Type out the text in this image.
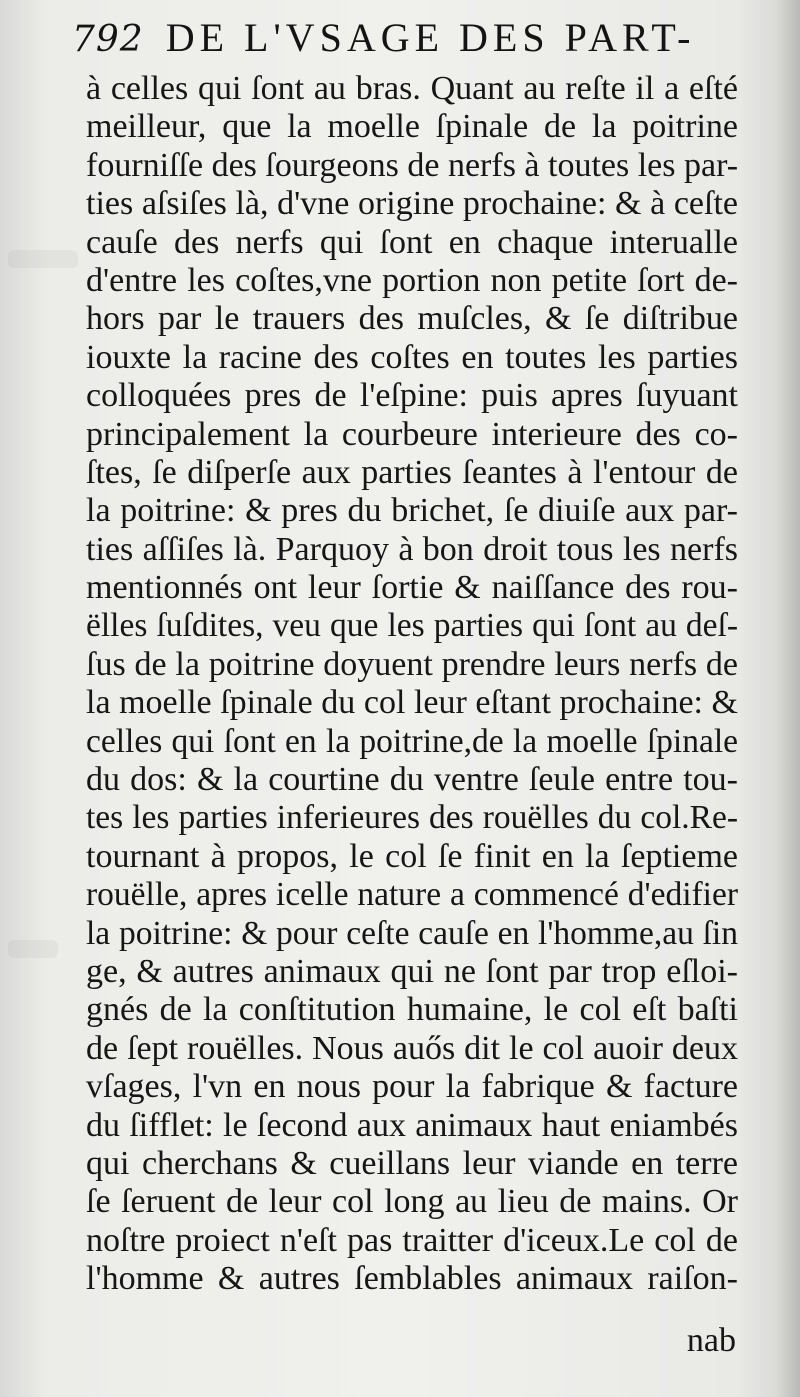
792 DE L'VSAGE DES PART-
à celles qui ſont au bras. Quant au reſte il a eſté
meilleur, que la moelle ſpinale de la poitrine
fourniſſe des ſourgeons de nerfs à toutes les par-
ties aſsiſes là, d'vne origine prochaine: & à ceſte
cauſe des nerfs qui ſont en chaque interualle
d'entre les coſtes,vne portion non petite ſort de-
hors par le trauers des muſcles, & ſe diſtribue
iouxte la racine des coſtes en toutes les parties
colloquées pres de l'eſpine: puis apres ſuyuant
principalement la courbeure interieure des co-
ſtes, ſe diſperſe aux parties ſeantes à l'entour de
la poitrine: & pres du brichet, ſe diuiſe aux par-
ties aſſiſes là. Parquoy à bon droit tous les nerfs
mentionnés ont leur ſortie & naiſſance des rou-
ëlles ſuſdites, veu que les parties qui ſont au deſ-
ſus de la poitrine doyuent prendre leurs nerfs de
la moelle ſpinale du col leur eſtant prochaine: &
celles qui ſont en la poitrine,de la moelle ſpinale
du dos: & la courtine du ventre ſeule entre tou-
tes les parties inferieures des rouëlles du col.Re-
tournant à propos, le col ſe finit en la ſeptieme
rouëlle, apres icelle nature a commencé d'edifier
la poitrine: & pour ceſte cauſe en l'homme,au ſin
ge, & autres animaux qui ne ſont par trop eſloi-
gnés de la conſtitution humaine, le col eſt baſti
de ſept rouëlles. Nous auős dit le col auoir deux
vſages, l'vn en nous pour la fabrique & facture
du ſifflet: le ſecond aux animaux haut eniambés
qui cherchans & cueillans leur viande en terre
ſe ſeruent de leur col long au lieu de mains. Or
noſtre proiect n'eſt pas traitter d'iceux.Le col de
l'homme & autres ſemblables animaux raiſon-
nab
